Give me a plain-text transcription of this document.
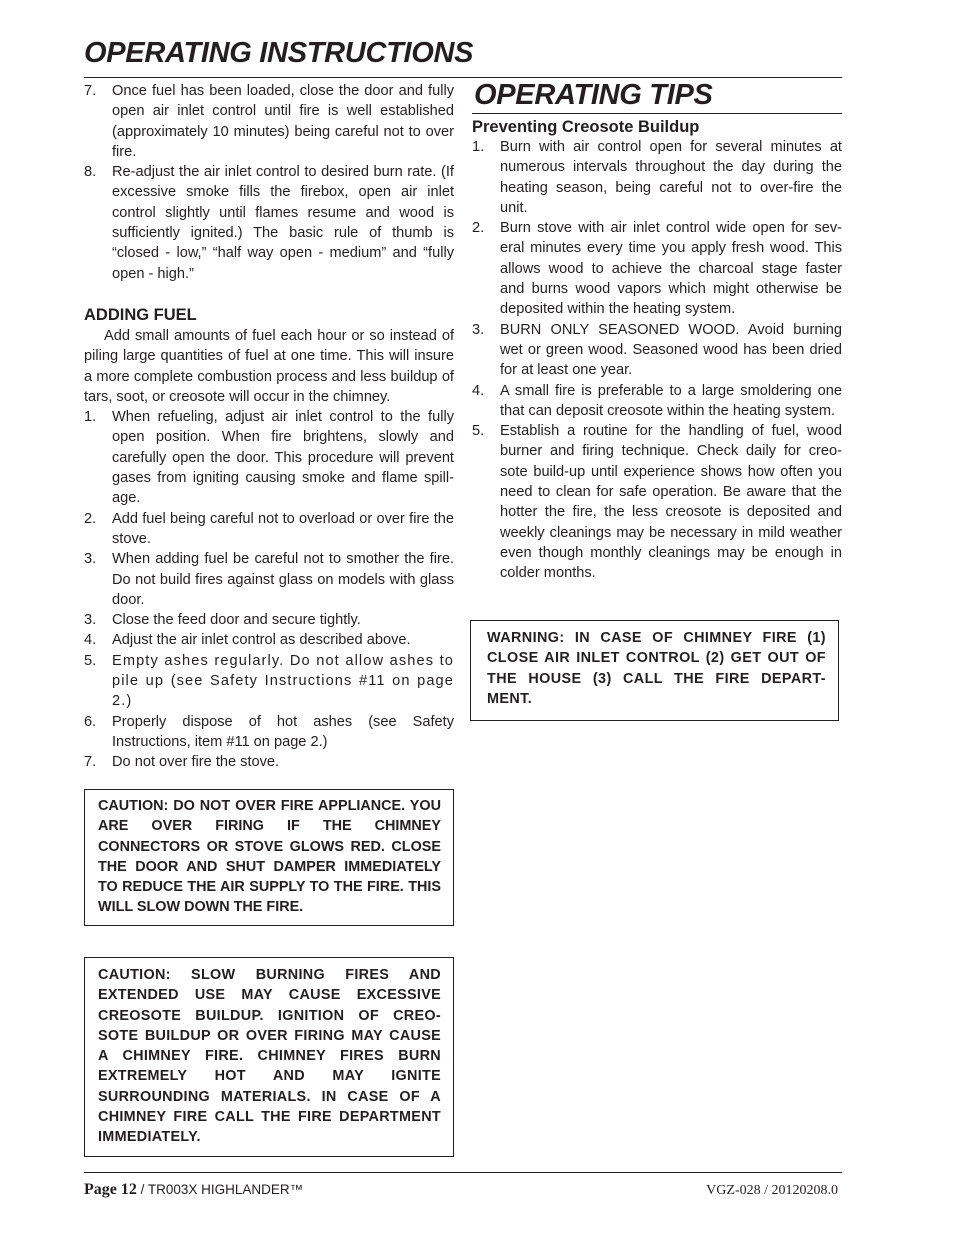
OPERATING INSTRUCTIONS
7. Once fuel has been loaded, close the door and fully open air inlet control until fire is well established (approximately 10 minutes) being careful not to over fire.
8. Re-adjust the air inlet control to desired burn rate. (If excessive smoke fills the firebox, open air inlet control slightly until flames resume and wood is sufficiently ignited.) The basic rule of thumb is “closed - low,” “half way open - medium” and “fully open - high.”
ADDING FUEL

Add small amounts of fuel each hour or so instead of piling large quantities of fuel at one time. This will insure a more complete combustion process and less buildup of tars, soot, or creosote will occur in the chimney.

1. When refueling, adjust air inlet control to the fully open position. When fire brightens, slowly and carefully open the door. This procedure will prevent gases from igniting causing smoke and flame spill-age.
2. Add fuel being careful not to overload or over fire the stove.
3. When adding fuel be careful not to smother the fire. Do not build fires against glass on models with glass door.
3. Close the feed door and secure tightly.
4. Adjust the air inlet control as described above.
5. Empty ashes regularly. Do not allow ashes to pile up (see Safety Instructions #11 on page 2.)
6. Properly dispose of hot ashes (see Safety Instructions, item #11 on page 2.)
7. Do not over fire the stove.

CAUTION: DO NOT OVER FIRE APPLIANCE. YOU ARE OVER FIRING IF THE CHIMNEY CONNECTORS OR STOVE GLOWS RED. CLOSE THE DOOR AND SHUT DAMPER IMMEDIATELY TO REDUCE THE AIR SUPPLY TO THE FIRE. THIS WILL SLOW DOWN THE FIRE.

CAUTION: SLOW BURNING FIRES AND EXTENDED USE MAY CAUSE EXCESSIVE CREOSOTE BUILDUP. IGNITION OF CREO-SOTE BUILDUP OR OVER FIRING MAY CAUSE A CHIMNEY FIRE. CHIMNEY FIRES BURN EXTREMELY HOT AND MAY IGNITE SURROUNDING MATERIALS. IN CASE OF A CHIMNEY FIRE CALL THE FIRE DEPARTMENT IMMEDIATELY.

OPERATING TIPS
Preventing Creosote Buildup
1. Burn with air control open for several minutes at numerous intervals throughout the day during the heating season, being careful not to over-fire the unit.
2. Burn stove with air inlet control wide open for sev-eral minutes every time you apply fresh wood. This allows wood to achieve the charcoal stage faster and burns wood vapors which might otherwise be deposited within the heating system.
3. BURN ONLY SEASONED WOOD. Avoid burning wet or green wood. Seasoned wood has been dried for at least one year.
4. A small fire is preferable to a large smoldering one that can deposit creosote within the heating system.
5. Establish a routine for the handling of fuel, wood burner and firing technique. Check daily for creo-sote build-up until experience shows how often you need to clean for safe operation. Be aware that the hotter the fire, the less creosote is deposited and weekly cleanings may be necessary in mild weather even though monthly cleanings may be enough in colder months.

WARNING: IN CASE OF CHIMNEY FIRE (1) CLOSE AIR INLET CONTROL (2) GET OUT OF THE HOUSE (3) CALL THE FIRE DEPART-MENT.

Page 12 / TR003X HIGHLANDER™	VGZ-028 / 20120208.0
